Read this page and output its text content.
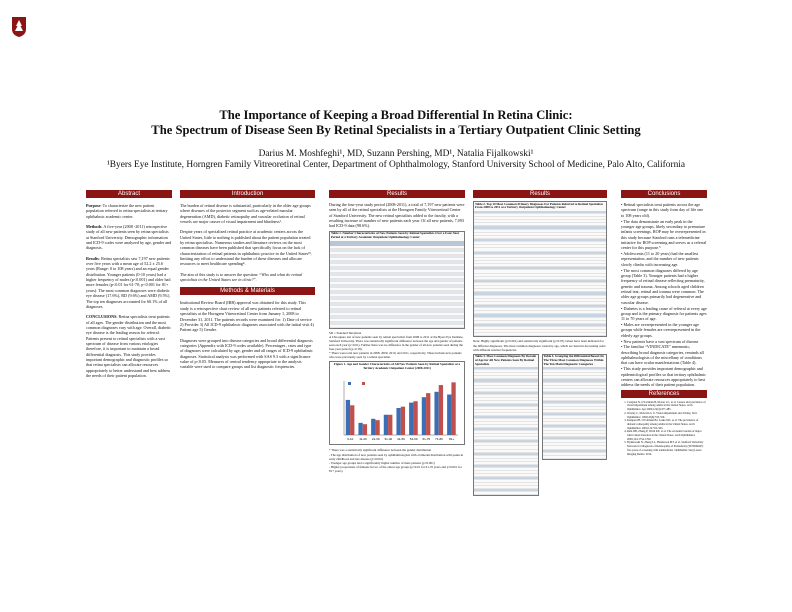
The Importance of Keeping a Broad Differential In Retina Clinic:
The Spectrum of Disease Seen By Retinal Specialists in a Tertiary Outpatient Clinic Setting
Darius M. Moshfeghi¹, MD, Suzann Pershing, MD¹, Natalia Fijalkowski¹
¹Byers Eye Institute, Horngren Family Vitreoretinal Center, Department of Ophthalmology, Stanford University School of Medicine, Palo Alto, California
Abstract

Purpose: To characterize the new patient population referred to retina specialists at tertiary ophthalmic academic center.

Methods: A five-year (2008 -2011) retrospective study of all new patients seen by retina specialists at Stanford University. Demographic information and ICD-9 codes were analyzed by age, gender and diagnosis.

Results: Retina specialists saw 7,197 new patients over five years with a mean age of 52.2 ± 25.6 years (Range: 0 to 108 years) and an equal gender distribution. Younger patients (0-10 years) had a higher frequency of males (p<0.001) and older had more females (p<0.01 for 61-70; p<0.001 for 81+ years). The most common diagnoses were diabetic eye disease (17.6%), RD (9.6%) and AMD (9.5%). The top ten diagnoses accounted for 60.1% of all diagnoses.

CONCLUSIONS: Retina specialists treat patients of all ages. The gender distribution and the most common diagnoses vary with age. Overall, diabetic eye disease is the leading reason for referral. Patients present to retinal specialists with a vast spectrum of disease from various etiologies therefore, it is important to maintain a broad differential diagnosis. This study provides important demographic and diagnostic profiles so that retina specialists can allocate resources appropriately to better understand and best address the needs of their patient population.

Introduction

The burden of retinal disease is substantial, particularly in the older age groups where diseases of the posterior segment such as age-related macular degeneration (AMD), diabetic retinopathy and vascular occlusion of retinal vessels are major causes of visual impairment and blindness¹.

Despite years of specialized retinal practice at academic centers across the United States, little to nothing is published about the patient population treated by retina specialists. Numerous studies and literature reviews on the most common diseases have been published that specifically focus on the lack of characterization of retinal patients in ophthalmic practice in the United States²³, limiting any effort to understand the burden of these diseases and allocate resources to meet healthcare spending⁴.

The aim of this study is to answer the question: “Who and what do retinal specialists in the United States see in clinic?”.

Methods & Materials

Institutional Review Board (IRB) approval was obtained for this study. This study is a retrospective chart review of all new patients referred to retinal specialists at the Horngren Vitreoretinal Center from January 1, 2008 to December 31, 2011. The patients records were examined for: 1) Date of service 2) Provider 3) All ICD-9 ophthalmic diagnoses associated with the initial visit 4) Patient age 5) Gender.

Diagnoses were grouped into disease categories and broad differential diagnosis categories (Appendix with ICD-9 codes available). Percentages , rates and type of diagnoses were calculated by age, gender and all ranges of ICD-9 ophthalmic diagnoses. Statistical analysis was performed with SAS 9.3 with a significance value of p<0.05. Measures of central tendency appropriate to the analysis variable were used to compare groups and list diagnostic frequencies.

Results

During the four-year study period (2008-2011), a total of 7,197 new patients were seen by all of the retinal specialists at the Horngren Family Vitreoretinal Center of Stanford University. The new retinal specialists added to the faculty, with a resulting increase of number of new patients each year. Of all new patients, 7,093 had ICD-9 data (98.6%).

Table 1. Number Characteristics of New Patients Seen by Retinal Specialists Over a Four-Year Period at a Tertiary Academic Outpatient Ophthalmology Center
SD = Standard Deviation
A Chi-square test of new-patients seen by retinal specialists from 2008 to 2011 at the Byers Eye Institute, Stanford University. There was statistically significant difference between the age and gender of patients seen each year (p<0.01). Further there was no difference in the gender of all new patients seen during the four-year period (p=0.18).
* There were total new patients in 2008, 2009, 2010, and 2011, respectively. These include new patients who were previously seen by a retinal specialist.
Figure 1. Age and Gender Characteristics of All New Patients Seen by Retinal Specialists at a Tertiary Academic Outpatient Center (2008-2011)
0-10 11-20 21-30 31-40 41-50 51-60 61-70 71-80 81+
* There was a statistically significant difference between the gender distribution
- The age distribution of new patients seen by ophthalmologists with a bimodal distribution with peaks in early childhood and late disease (p<0.001)
- Younger age groups had a significantly higher number of male patients (p<0.001)
- Higher proportions of females in two of the oldest age groups (p<0.01 for 61-70 years and p<0.001 for 81+ years)
Results
Table 2. Top 10 Most Common Primary Diagnoses For Patients Referred to Retinal Specialists From 2008 to 2011 at a Tertiary Outpatient Ophthalmology Center
Note: Highly significant (p<0.001) and statistically significant (p<0.05) values have been indicated for the different diagnoses. The most common diagnoses varied by age, which are listed in decreasing order with different relative frequencies.
Table 3. Most Common Diagnosis By Decade of Age for All New Patients Seen By Retinal Specialists
Table 4. Grouping the Differential Based On The Three Most Common Diagnoses Within The Ten Main Diagnostic Categories
Conclusions

• Retinal specialists treat patients across the age spectrum (range in this study from day of life one to 108 years old).

• The data demonstrate an early peak in the younger age groups, likely secondary to premature infants screenings. ROP may be overrepresented in this study because Stanford runs a telemedicine initiative for ROP screening and serves as a referral center for this purpose.⁵

• Adolescents (11 to 20 years) had the smallest representation, and the number of new patients slowly climbs with increasing age.

• The most common diagnoses differed by age group (Table 3). Younger patients had a higher frequency of retinal disease reflecting prematurity, genetic and trauma. Among schools aged children retinal tear, retinal and trauma were common. The older age groups primarily had degenerative and vascular disease.

• Diabetes is a leading cause of referral at every age group and is the primary diagnosis for patients ages 11 to 70 years of age.

• Males are overrepresented in the younger age groups while females are overrepresented in the elderly age groups.

• New patients have a vast spectrum of disease

• The familiar “VINDICATE” mnemonic, describing broad diagnosis categories, reminds all ophthalmologists of the miscellany of conditions that can have ocular manifestations (Table 4).

• This study provides important demographic and epidemiological profiles so that tertiary ophthalmic centers can allocate resources appropriately to best address the needs of their patient population.

References
1. Congdon N, O'Colmain B, Klaver CC, et al. Causes and prevalence of visual impairment among adults in the United States. Arch Ophthalmol. Apr 2004;122(4):477-485.
2. Owsley C, McGwin G Jr. Vision impairment and driving. Surv Ophthalmol. 1999;43(6):535-550.
3. Kempen JH, O'Colmain BJ, Leske MC, et al. The prevalence of diabetic retinopathy among adults in the United States. Arch Ophthalmol. 2004;122:552-563.
4. Rein DB, Zhang P, Wirth KE, et al. The economic burden of major adult visual disorders in the United States. Arch Ophthalmol. 2006;124:1754-1760.
5. Fijalkowski N, Zheng LL, Henderson MT, et al. Stanford University Network for Diagnosis of Retinopathy of Prematurity (SUNDROP): five years of screening with telemedicine. Ophthalmic Surg Lasers Imaging Retina. 2014.
